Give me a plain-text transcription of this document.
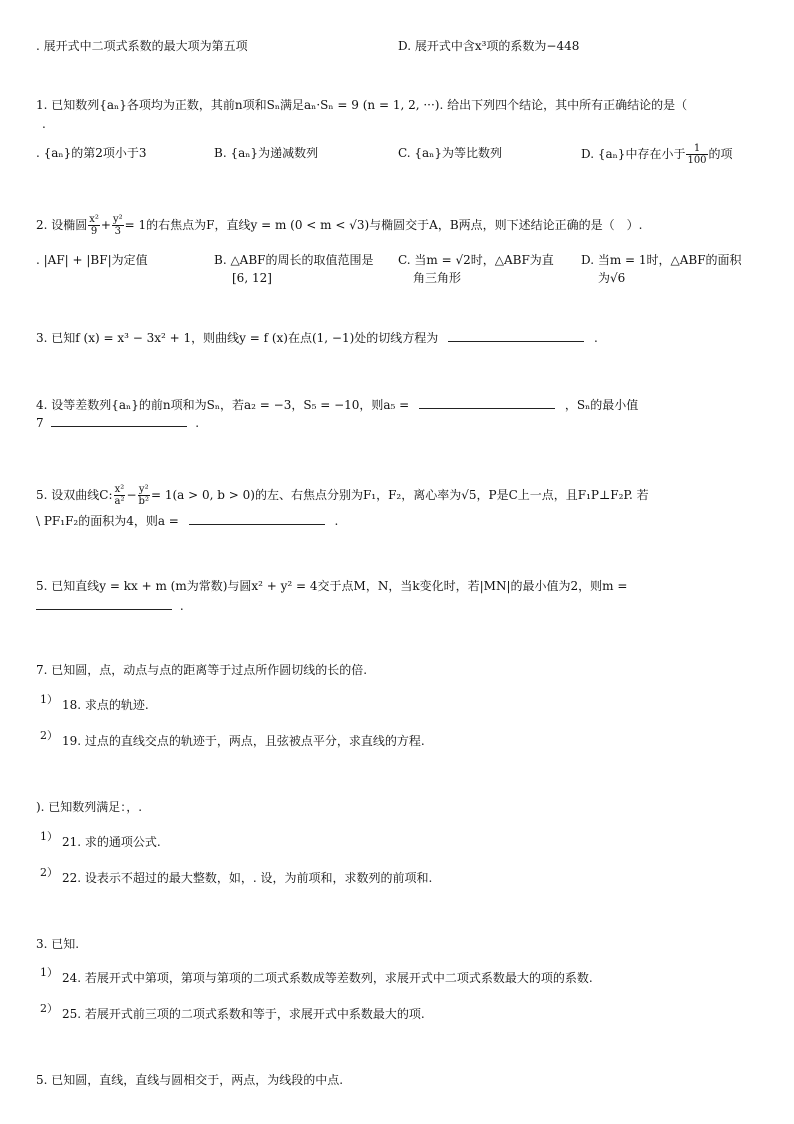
. 展开式中二项式系数的最大项为第五项	D. 展开式中含x³项的系数为−448
1. 已知数列{aₙ}各项均为正数，其前n项和Sₙ满足aₙ·Sₙ = 9 (n = 1, 2, ···). 给出下列四个结论，其中所有正确结论的是（
.
. {aₙ}的第2项小于3	B. {aₙ}为递减数列	C. {aₙ}为等比数列	D. {aₙ}中存在小于 $\frac{1}{100}$ 的项
2. 设椭圆 $\frac{\text{x²}}{9} + \frac{\text{y²}}{3} = 1$的右焦点为F，直线y = m (0 < m < √3)与椭圆交于A，B两点，则下述结论正确的是（　）.
. |AF| + |BF|为定值	B. △ABF的周长的取值范围是
[6, 12]
C. 当m = √2时，△ABF为直
角三角形
D. 当m = 1时，△ABF的面积
为√6
3. 已知f (x) = x³ − 3x² + 1，则曲线y = f (x)在点(1, −1)处的切线方程为	.
4. 设等差数列{aₙ}的前n项和为Sₙ，若a₂ = −3，S₅ = −10，则a₅ =	，Sₙ的最小值
7	.
5. 设双曲线C: $\frac{\text{x²}}{\text{a²}} - \frac{\text{y²}}{\text{b²}} = 1(a > 0$, b > 0)的左、右焦点分别为F₁，F₂，离心率为√5，P是C上一点，且F₁P⊥F₂P. 若
\ PF₁F₂的面积为4，则a =	.
5. 已知直线y = kx + m (m为常数)与圆x² + y² = 4交于点M，N，当k变化时，若|MN|的最小值为2，则m =
.
7. 已知圆，点，动点与点的距离等于过点所作圆切线的长的倍.
1） 18. 求点的轨迹.
2） 19. 过点的直线交点的轨迹于，两点，且弦被点平分，求直线的方程.
). 已知数列满足：，.
1） 21. 求的通项公式.
2） 22. 设表示不超过的最大整数，如，. 设，为前项和，求数列的前项和.
3. 已知.
1） 24. 若展开式中第项，第项与第项的二项式系数成等差数列，求展开式中二项式系数最大的项的系数.
2） 25. 若展开式前三项的二项式系数和等于，求展开式中系数最大的项.
5. 已知圆，直线，直线与圆相交于，两点，为线段的中点.
